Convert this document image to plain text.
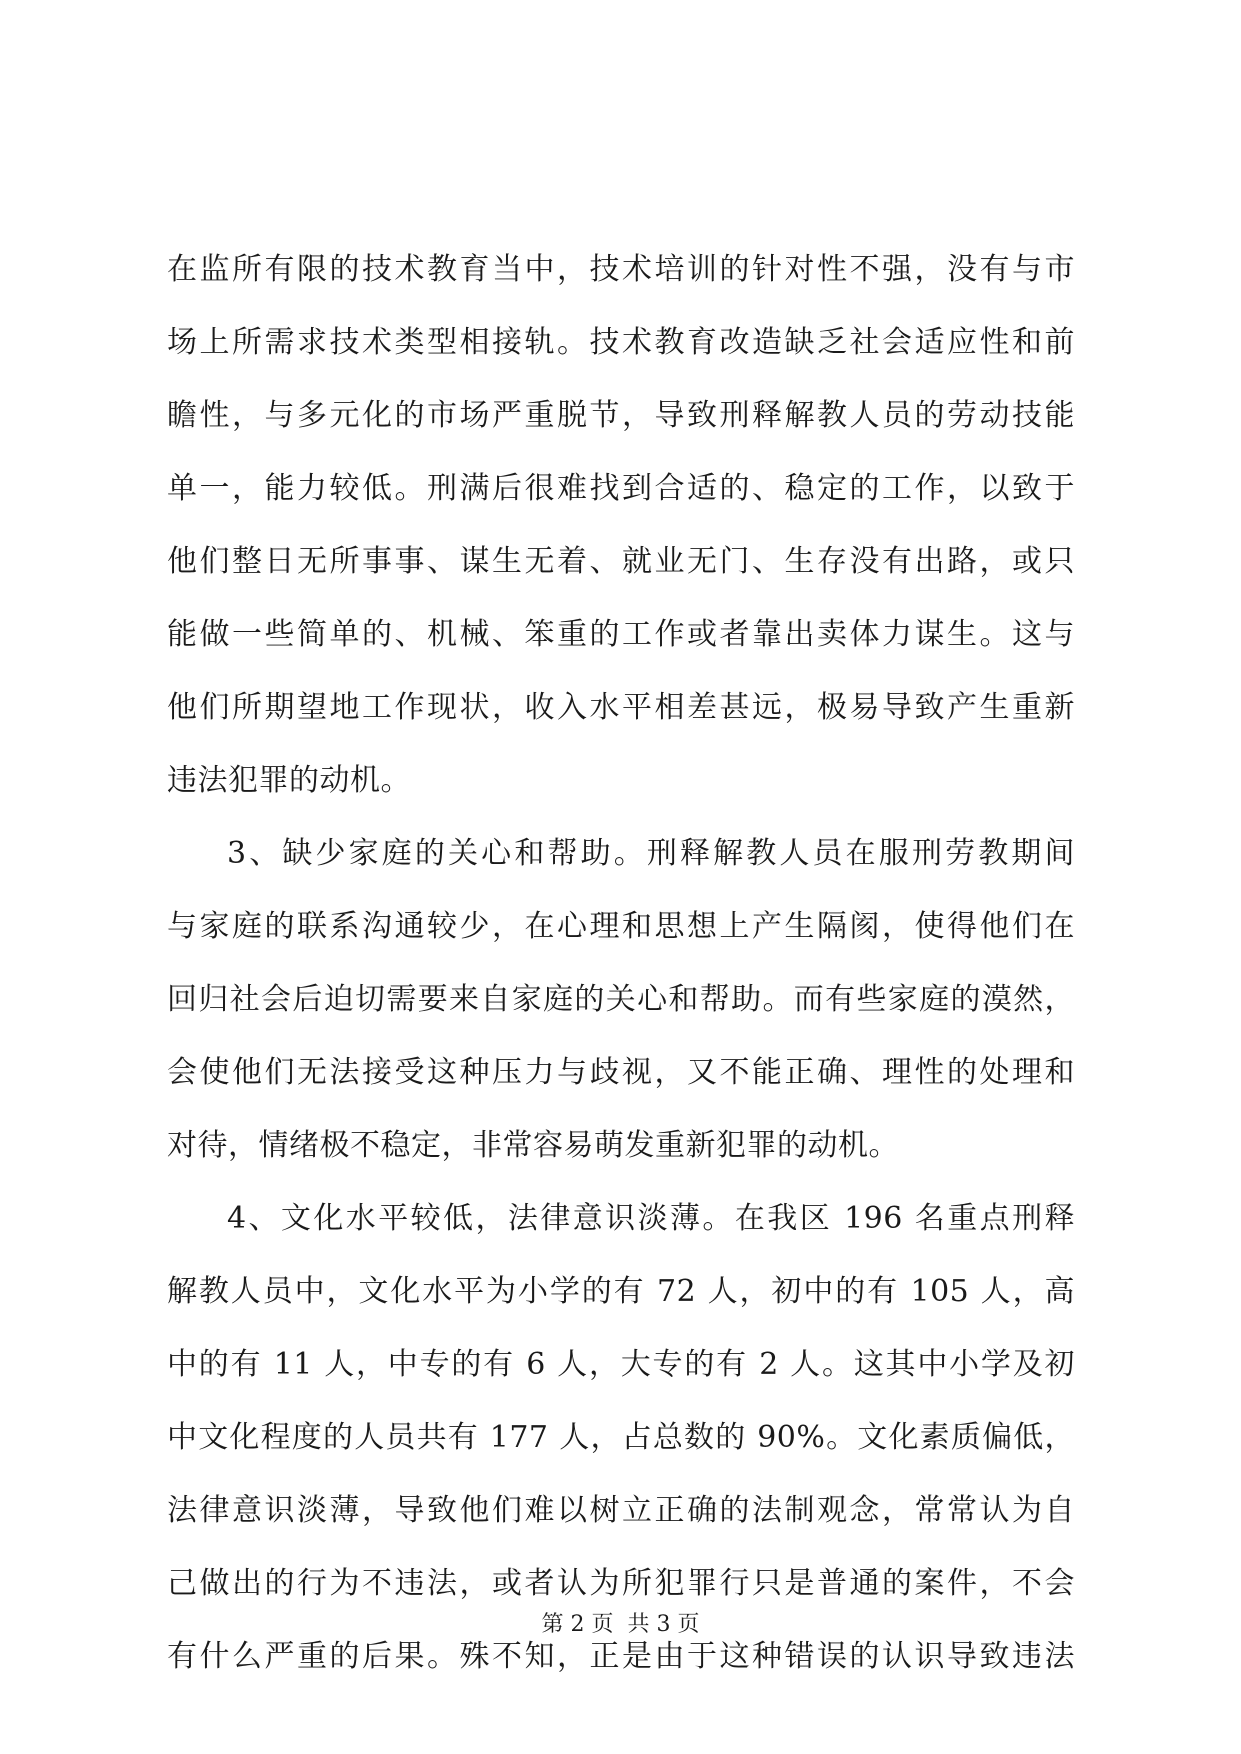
在监所有限的技术教育当中，技术培训的针对性不强，没有与市
场上所需求技术类型相接轨。技术教育改造缺乏社会适应性和前
瞻性，与多元化的市场严重脱节，导致刑释解教人员的劳动技能
单一，能力较低。刑满后很难找到合适的、稳定的工作，以致于
他们整日无所事事、谋生无着、就业无门、生存没有出路，或只
能做一些简单的、机械、笨重的工作或者靠出卖体力谋生。这与
他们所期望地工作现状，收入水平相差甚远，极易导致产生重新
违法犯罪的动机。
3、缺少家庭的关心和帮助。刑释解教人员在服刑劳教期间
与家庭的联系沟通较少，在心理和思想上产生隔阂，使得他们在
回归社会后迫切需要来自家庭的关心和帮助。而有些家庭的漠然，
会使他们无法接受这种压力与歧视，又不能正确、理性的处理和
对待，情绪极不稳定，非常容易萌发重新犯罪的动机。
4、文化水平较低，法律意识淡薄。在我区 196 名重点刑释
解教人员中，文化水平为小学的有 72 人，初中的有 105 人，高
中的有 11 人，中专的有 6 人，大专的有 2 人。这其中小学及初
中文化程度的人员共有 177 人，占总数的 90%。文化素质偏低，
法律意识淡薄，导致他们难以树立正确的法制观念，常常认为自
己做出的行为不违法，或者认为所犯罪行只是普通的案件，不会
有什么严重的后果。殊不知，正是由于这种错误的认识导致违法
第 2 页 共 3 页
